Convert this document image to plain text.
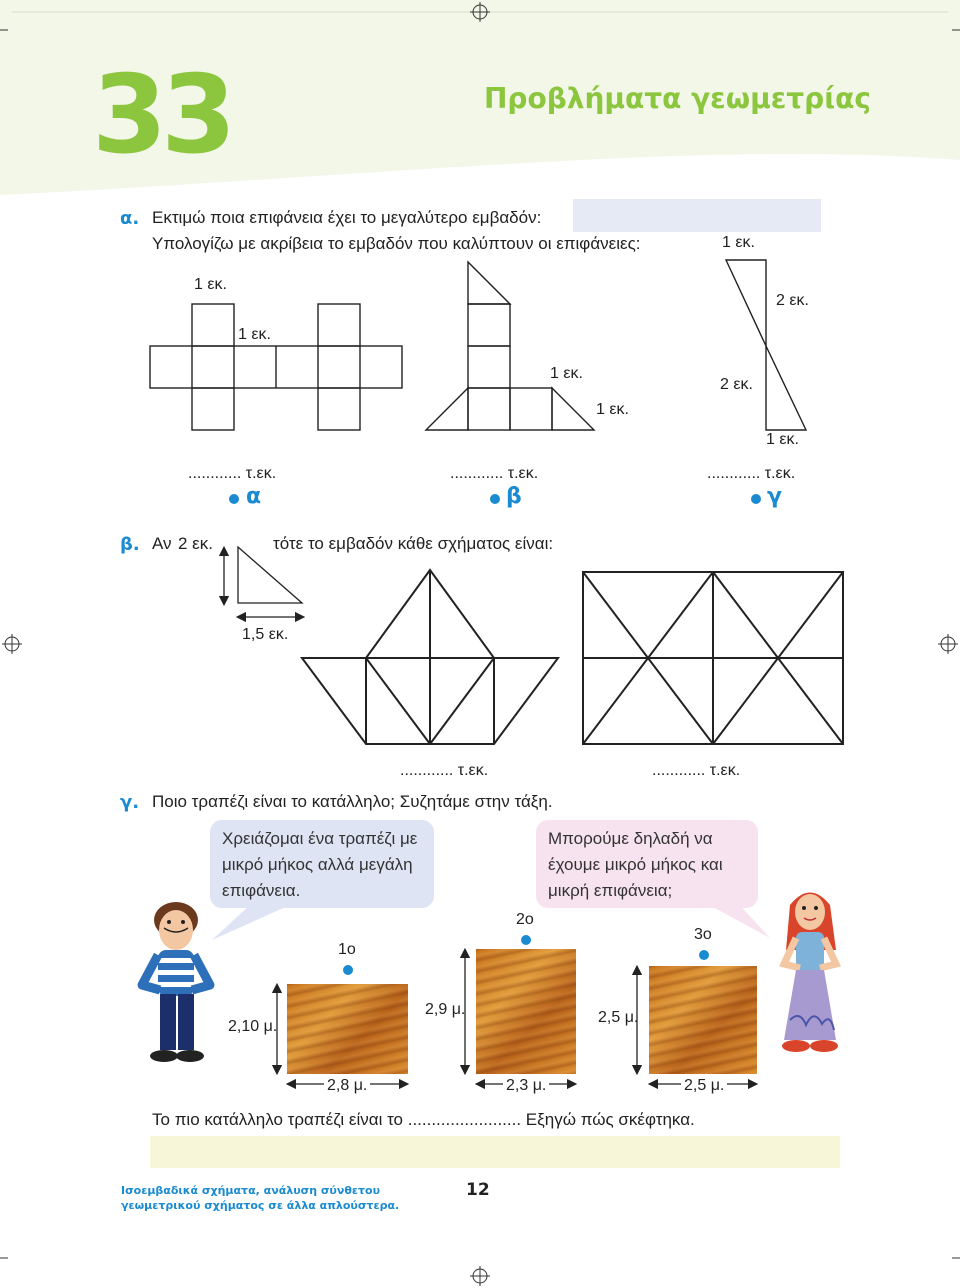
33	Προβλήματα γεωμετρίας
α. Εκτιμώ ποια επιφάνεια έχει το μεγαλύτερο εμβαδόν:
Υπολογίζω με ακρίβεια το εμβαδόν που καλύπτουν οι επιφάνειες:
1 εκ.
1 εκ.
1 εκ.
1 εκ.
1 εκ.
2 εκ.
2 εκ.
1 εκ.
............ τ.εκ.	............ τ.εκ.	............ τ.εκ.
α	β	γ
β. Αν 2 εκ.	τότε το εμβαδόν κάθε σχήματος είναι:
1,5 εκ.
............ τ.εκ.	............ τ.εκ.
γ. Ποιο τραπέζι είναι το κατάλληλο; Συζητάμε στην τάξη.
Χρειάζομαι ένα τραπέζι με
μικρό μήκος αλλά μεγάλη
επιφάνεια.
Μπορούμε δηλαδή να
έχουμε μικρό μήκος και
μικρή επιφάνεια;
1ο
2ο
3ο
2,10 μ.
2,8 μ.
2,9 μ.
2,3 μ.
2,5 μ.
2,5 μ.
Το πιο κατάλληλο τραπέζι είναι το ........................ Εξηγώ πώς σκέφτηκα.
Ισοεμβαδικά σχήματα, ανάλυση σύνθετου
γεωμετρικού σχήματος σε άλλα απλούστερα.
12
